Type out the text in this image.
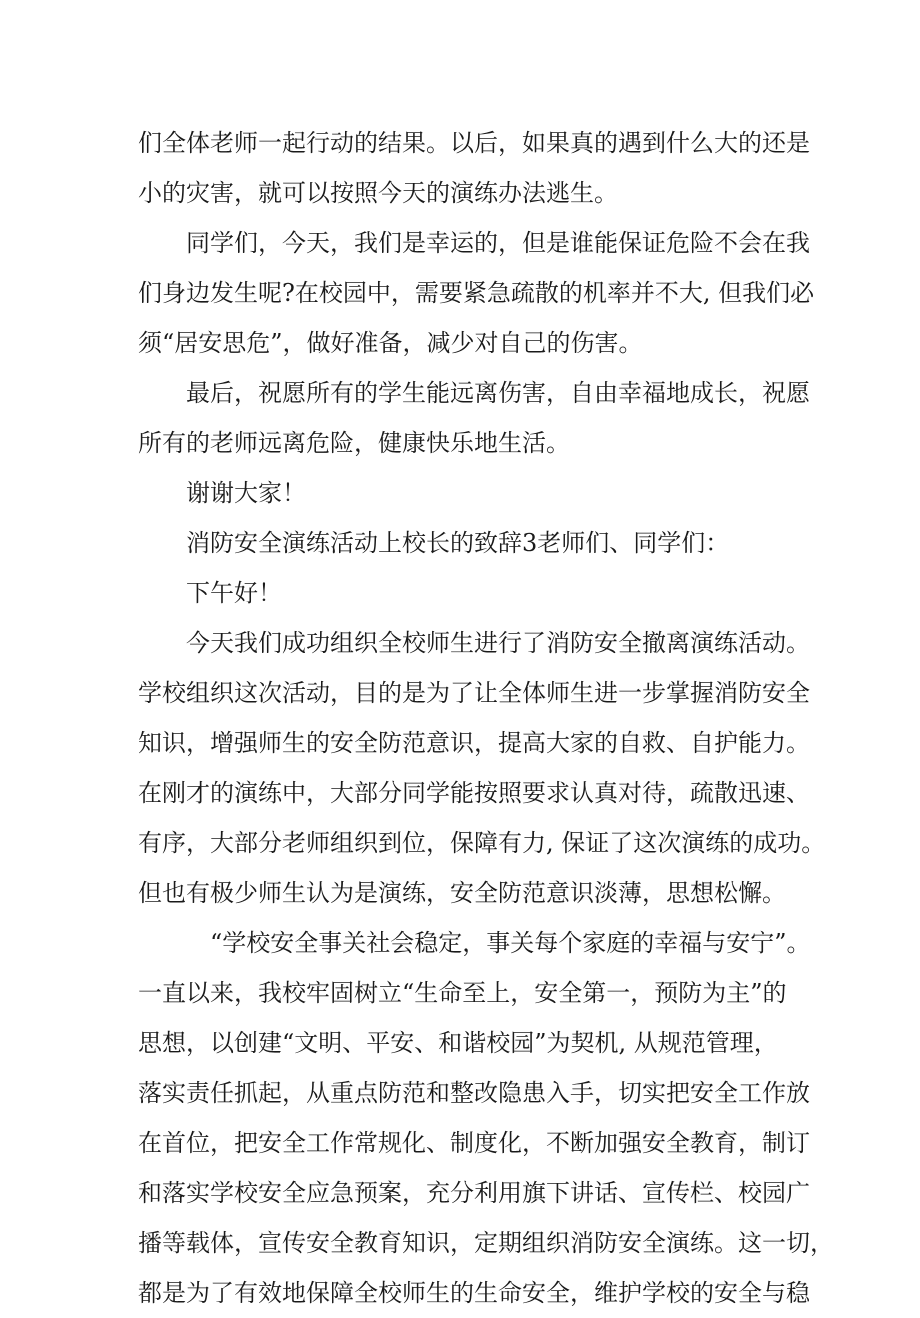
们全体老师一起行动的结果。以后，如果真的遇到什么大的还是
小的灾害，就可以按照今天的演练办法逃生。
同学们，今天，我们是幸运的，但是谁能保证危险不会在我
们身边发生呢?在校园中，需要紧急疏散的机率并不大, 但我们必
须“居安思危”，做好准备，减少对自己的伤害。
最后，祝愿所有的学生能远离伤害，自由幸福地成长，祝愿
所有的老师远离危险，健康快乐地生活。
谢谢大家！
消防安全演练活动上校长的致辞3老师们、同学们：
下午好！
今天我们成功组织全校师生进行了消防安全撤离演练活动。
学校组织这次活动，目的是为了让全体师生进一步掌握消防安全
知识，增强师生的安全防范意识，提高大家的自救、自护能力。
在刚才的演练中，大部分同学能按照要求认真对待，疏散迅速、
有序，大部分老师组织到位，保障有力, 保证了这次演练的成功。
但也有极少师生认为是演练，安全防范意识淡薄，思想松懈。
“学校安全事关社会稳定，事关每个家庭的幸福与安宁”。
一直以来，我校牢固树立“生命至上，安全第一，预防为主”的
思想，以创建“文明、平安、和谐校园”为契机, 从规范管理，
落实责任抓起，从重点防范和整改隐患入手，切实把安全工作放
在首位，把安全工作常规化、制度化，不断加强安全教育，制订
和落实学校安全应急预案，充分利用旗下讲话、宣传栏、校园广
播等载体，宣传安全教育知识，定期组织消防安全演练。这一切，
都是为了有效地保障全校师生的生命安全，维护学校的安全与稳
